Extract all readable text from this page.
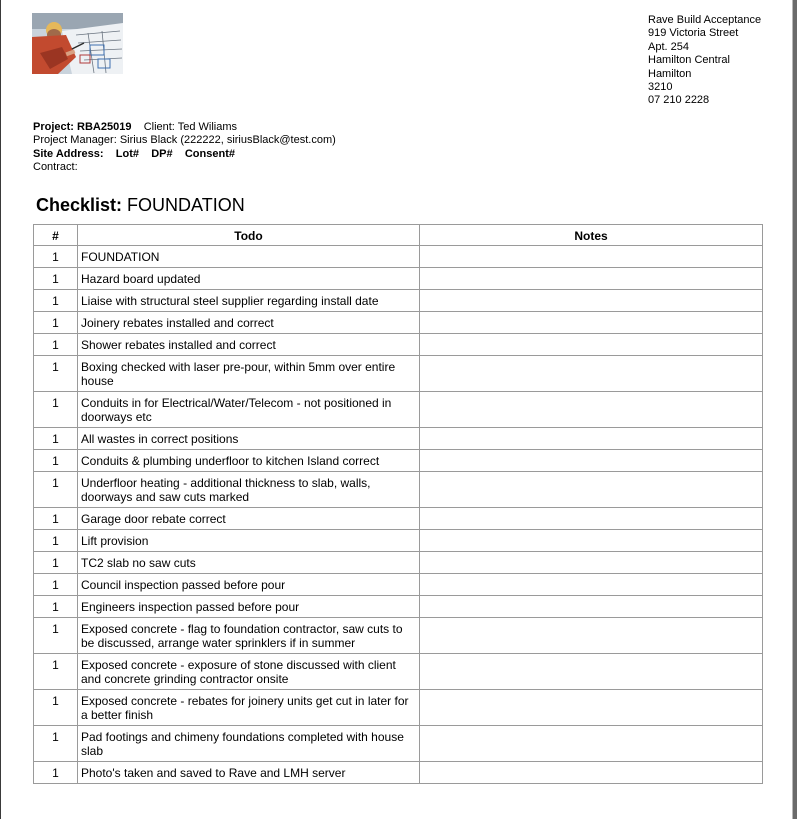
Rave Build Acceptance
919 Victoria Street
Apt. 254
Hamilton Central
Hamilton
3210
07 210 2228
Project: RBA25019 Client: Ted Wiliams
Project Manager: Sirius Black (222222, siriusBlack@test.com)
Site Address: Lot# DP# Consent#
Contract:
Checklist: FOUNDATION
#	Todo	Notes
1	FOUNDATION	
1	Hazard board updated	
1	Liaise with structural steel supplier regarding install date	
1	Joinery rebates installed and correct	
1	Shower rebates installed and correct	
1	Boxing checked with laser pre-pour, within 5mm over entire house	
1	Conduits in for Electrical/Water/Telecom - not positioned in doorways etc	
1	All wastes in correct positions	
1	Conduits & plumbing underfloor to kitchen Island correct	
1	Underfloor heating - additional thickness to slab, walls, doorways and saw cuts marked	
1	Garage door rebate correct	
1	Lift provision	
1	TC2 slab no saw cuts	
1	Council inspection passed before pour	
1	Engineers inspection passed before pour	
1	Exposed concrete - flag to foundation contractor, saw cuts to be discussed, arrange water sprinklers if in summer	
1	Exposed concrete - exposure of stone discussed with client and concrete grinding contractor onsite	
1	Exposed concrete - rebates for joinery units get cut in later for a better finish	
1	Pad footings and chimeny foundations completed with house slab	
1	Photo's taken and saved to Rave and LMH server	
